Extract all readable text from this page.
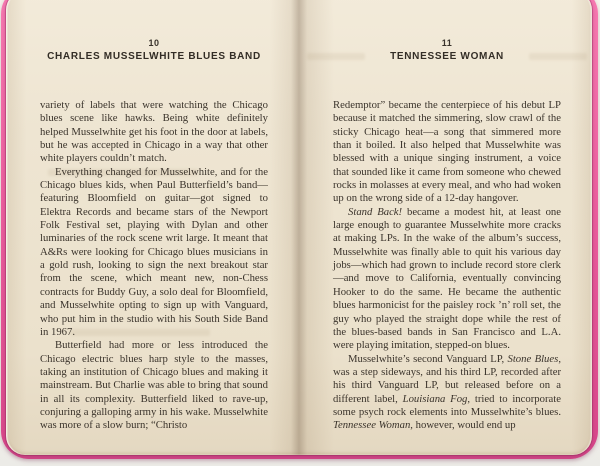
10
CHARLES MUSSELWHITE BLUES BAND

variety of labels that were watching the Chicago blues scene like hawks. Being white definitely helped Musselwhite get his foot in the door at labels, but he was accepted in Chicago in a way that other white players couldn’t match.

Everything changed for Musselwhite, and for the Chicago blues kids, when Paul Butterfield’s band—featuring Bloomfield on guitar—got signed to Elektra Records and became stars of the Newport Folk Festival set, playing with Dylan and other luminaries of the rock scene writ large. It meant that A&Rs were looking for Chicago blues musicians in a gold rush, looking to sign the next breakout star from the scene, which meant new, non-Chess contracts for Buddy Guy, a solo deal for Bloomfield, and Musselwhite opting to sign up with Vanguard, who put him in the studio with his South Side Band in 1967.

Butterfield had more or less introduced the Chicago electric blues harp style to the masses, taking an institution of Chicago blues and making it mainstream. But Charlie was able to bring that sound in all its complexity. Butterfield liked to rave-up, conjuring a galloping army in his wake. Musselwhite was more of a slow burn; “Christo

11
TENNESSEE WOMAN

Redemptor” became the centerpiece of his debut LP because it matched the simmering, slow crawl of the sticky Chicago heat—a song that simmered more than it boiled. It also helped that Musselwhite was blessed with a unique singing instrument, a voice that sounded like it came from someone who chewed rocks in molasses at every meal, and who had woken up on the wrong side of a 12-day hangover.

Stand Back! became a modest hit, at least one large enough to guarantee Musselwhite more cracks at making LPs. In the wake of the album’s success, Musselwhite was finally able to quit his various day jobs—which had grown to include record store clerk—and move to California, eventually convincing Hooker to do the same. He became the authentic blues harmonicist for the paisley rock ’n’ roll set, the guy who played the straight dope while the rest of the blues-based bands in San Francisco and L.A. were playing imitation, stepped-on blues.

Musselwhite’s second Vanguard LP, Stone Blues, was a step sideways, and his third LP, recorded after his third Vanguard LP, but released before on a different label, Louisiana Fog, tried to incorporate some psych rock elements into Musselwhite’s blues. Tennessee Woman, however, would end up
